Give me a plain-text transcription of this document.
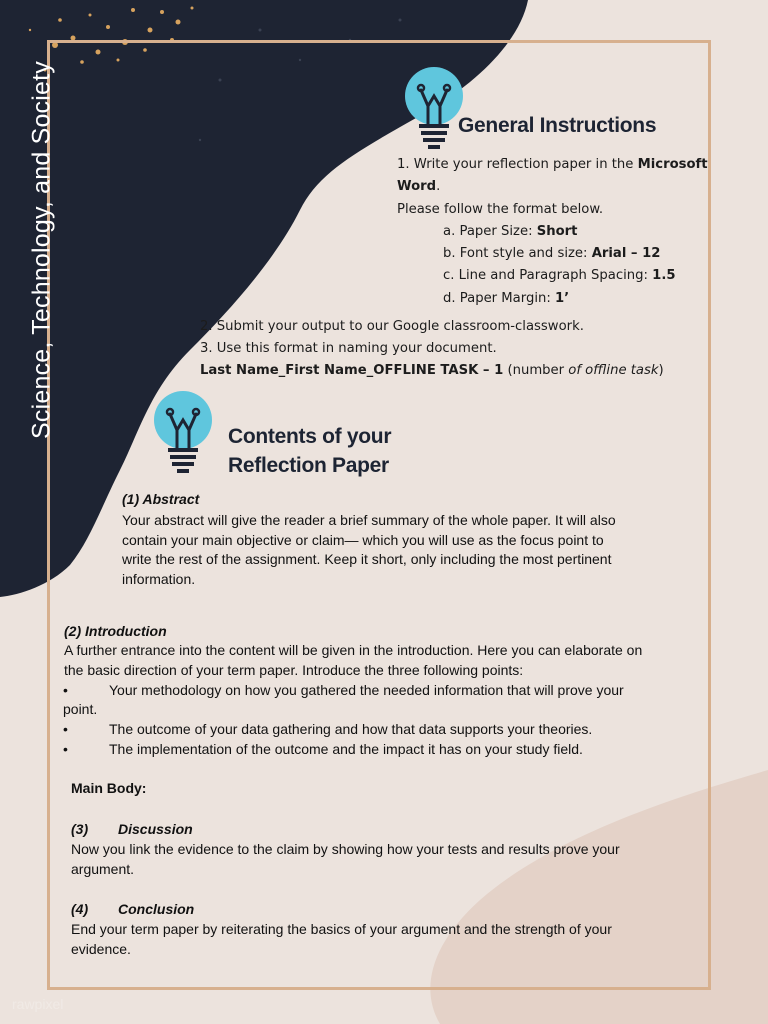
Science, Technology, and Society	General Instructions
1. Write your reflection paper in the Microsoft Word.
Please follow the format below.
a. Paper Size: Short
b. Font style and size: Arial – 12
c. Line and Paragraph Spacing: 1.5
d. Paper Margin: 1’
2. Submit your output to our Google classroom-classwork.
3. Use this format in naming your document.
Last Name_First Name_OFFLINE TASK – 1 (number of offline task)
Contents of your
Reflection Paper
(1) Abstract
Your abstract will give the reader a brief summary of the whole paper. It will also
contain your main objective or claim— which you will use as the focus point to
write the rest of the assignment. Keep it short, only including the most pertinent
information.
(2) Introduction
A further entrance into the content will be given in the introduction. Here you can elaborate on
the basic direction of your term paper. Introduce the three following points:
•	Your methodology on how you gathered the needed information that will prove your
point.
•	The outcome of your data gathering and how that data supports your theories.
•	The implementation of the outcome and the impact it has on your study field.
Main Body:
(3) Discussion
Now you link the evidence to the claim by showing how your tests and results prove your
argument.
(4) Conclusion
End your term paper by reiterating the basics of your argument and the strength of your
evidence.
rawpixel
